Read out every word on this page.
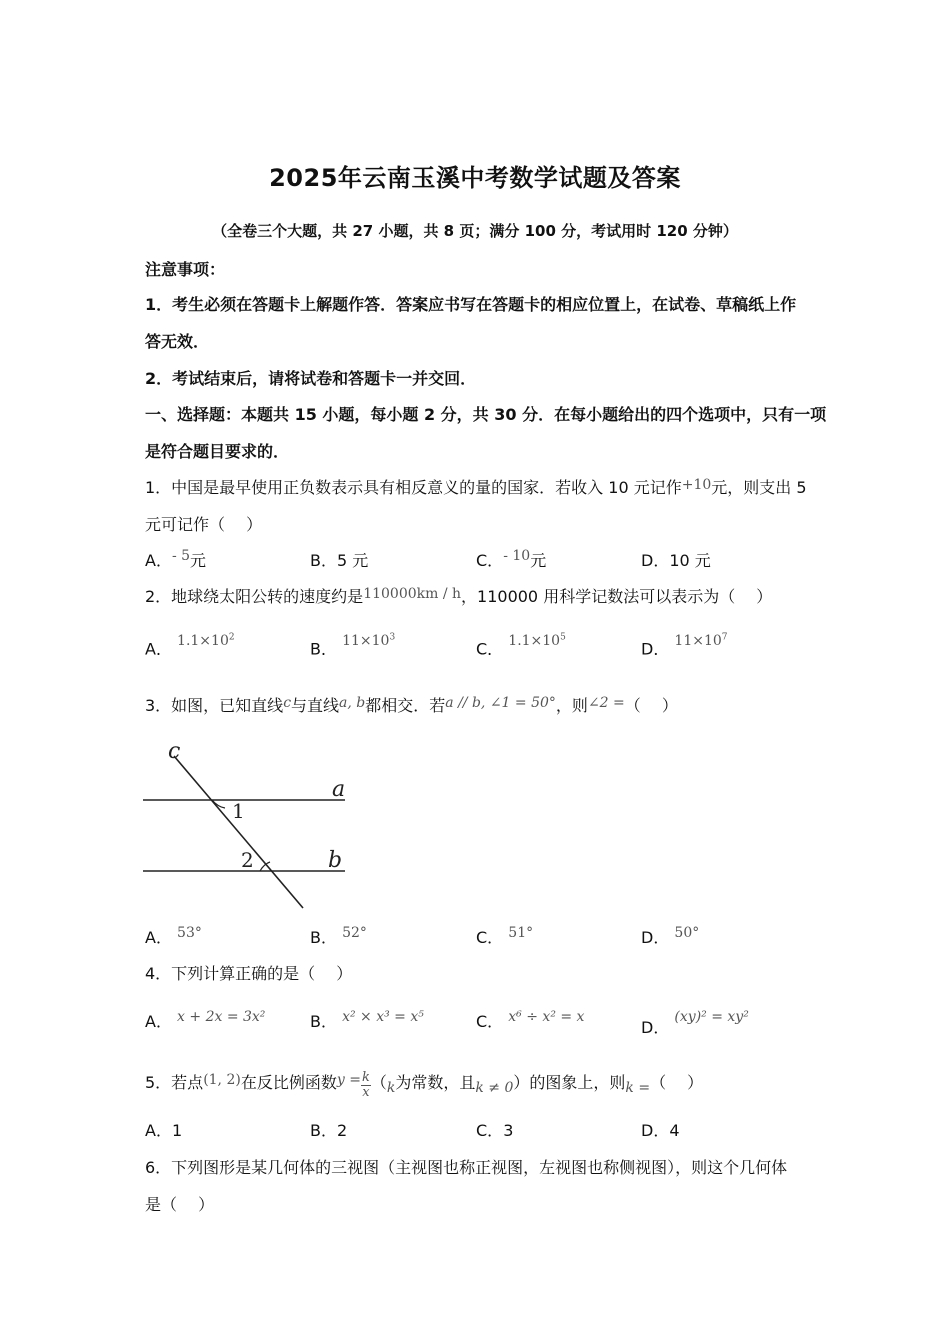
2025年云南玉溪中考数学试题及答案
（全卷三个大题，共 27 小题，共 8 页；满分 100 分，考试用时 120 分钟）
注意事项：
1．考生必须在答题卡上解题作答．答案应书写在答题卡的相应位置上，在试卷、草稿纸上作
答无效．
2．考试结束后，请将试卷和答题卡一并交回．
一、选择题：本题共 15 小题，每小题 2 分，共 30 分．在每小题给出的四个选项中，只有一项
是符合题目要求的．
1．中国是最早使用正负数表示具有相反意义的量的国家．若收入 10 元记作+10元，则支出 5
元可记作（　 ）
A．- 5元	B．5 元	C．- 10元	D．10 元
2．地球绕太阳公转的速度约是110000km / h，110000 用科学记数法可以表示为（　 ）
A． $1.1\times 10^2$
B． $11\times 10^3$
C． $1.1\times 10^5$
D． $11\times 10^7$
3．如图，已知直线c与直线a, b都相交．若a // b, ∠1 = 50°，则∠2 =（　 ）
c
a
b
1
2
A． 53°	B． 52°	C． 51°	D． 50°
4．下列计算正确的是（　 ）
A． x + 2x = 3x²	B． x² × x³ = x⁵	C． x⁶ ÷ x² = x
D． (xy)² = xy²
5．若点(1, 2)在反比例函数$y = \frac{k}{x} (k$为常数，且k ≠ 0）的图象上，则k =（　 ）
A．1	B．2	C．3	D．4
6．下列图形是某几何体的三视图（主视图也称正视图，左视图也称侧视图），则这个几何体
是（　 ）
